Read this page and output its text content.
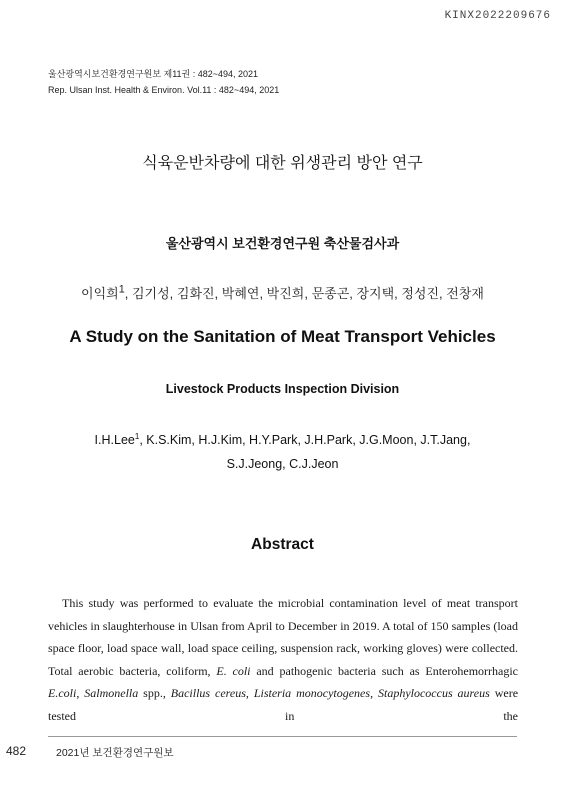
KINX2022209676
울산광역시보건환경연구원보 제11권 : 482~494, 2021
Rep. Ulsan Inst. Health & Environ. Vol.11 : 482~494, 2021
식육운반차량에 대한 위생관리 방안 연구
울산광역시 보건환경연구원 축산물검사과
이익희$^1$, 김기성, 김화진, 박혜연, 박진희, 문종곤, 장지택, 정성진, 전창재
A Study on the Sanitation of Meat Transport Vehicles
Livestock Products Inspection Division
I.H.Lee$^1$, K.S.Kim, H.J.Kim, H.Y.Park, J.H.Park, J.G.Moon, J.T.Jang,
S.J.Jeong, C.J.Jeon
Abstract

This study was performed to evaluate the microbial contamination level of meat transport vehicles in slaughterhouse in Ulsan from April to December in 2019. A total of 150 samples (load space floor, load space wall, load space ceiling, suspension rack, working gloves) were collected. Total aerobic bacteria, coliform, E. coli and pathogenic bacteria such as Enterohemorrhagic E.coli, Salmonella spp., Bacillus cereus, Listeria monocytogenes, Staphylococcus aureus were tested in the

482	2021년 보건환경연구원보
